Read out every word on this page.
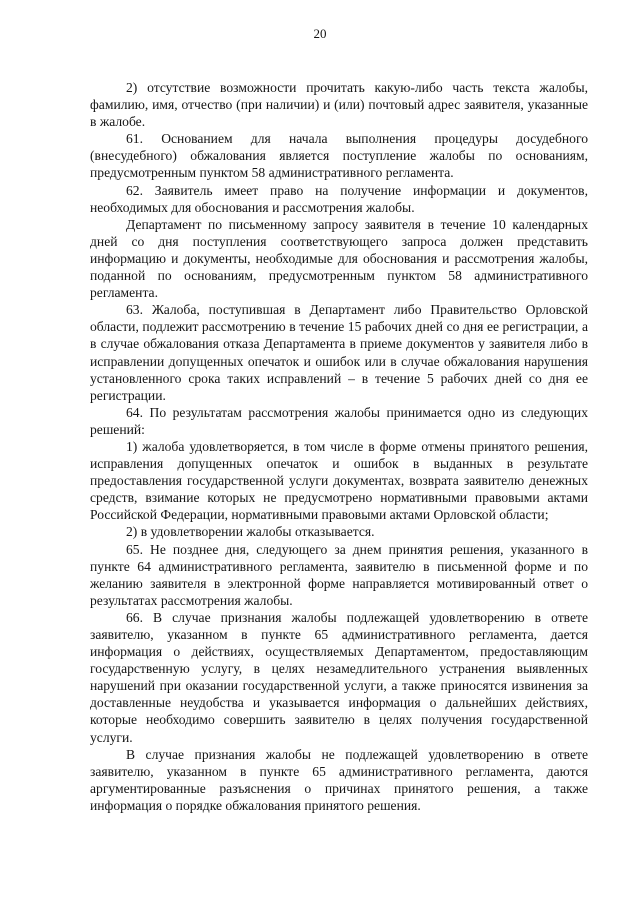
20

2) отсутствие возможности прочитать какую-либо часть текста жалобы, фамилию, имя, отчество (при наличии) и (или) почтовый адрес заявителя, указанные в жалобе.

61. Основанием для начала выполнения процедуры досудебного (внесудебного) обжалования является поступление жалобы по основаниям, предусмотренным пунктом 58 административного регламента.

62. Заявитель имеет право на получение информации и документов, необходимых для обоснования и рассмотрения жалобы.

Департамент по письменному запросу заявителя в течение 10 календарных дней со дня поступления соответствующего запроса должен представить информацию и документы, необходимые для обоснования и рассмотрения жалобы, поданной по основаниям, предусмотренным пунктом 58 административного регламента.

63. Жалоба, поступившая в Департамент либо Правительство Орловской области, подлежит рассмотрению в течение 15 рабочих дней со дня ее регистрации, а в случае обжалования отказа Департамента в приеме документов у заявителя либо в исправлении допущенных опечаток и ошибок или в случае обжалования нарушения установленного срока таких исправлений – в течение 5 рабочих дней со дня ее регистрации.

64. По результатам рассмотрения жалобы принимается одно из следующих решений:

1) жалоба удовлетворяется, в том числе в форме отмены принятого решения, исправления допущенных опечаток и ошибок в выданных в результате предоставления государственной услуги документах, возврата заявителю денежных средств, взимание которых не предусмотрено нормативными правовыми актами Российской Федерации, нормативными правовыми актами Орловской области;

2) в удовлетворении жалобы отказывается.

65. Не позднее дня, следующего за днем принятия решения, указанного в пункте 64 административного регламента, заявителю в письменной форме и по желанию заявителя в электронной форме направляется мотивированный ответ о результатах рассмотрения жалобы.

66. В случае признания жалобы подлежащей удовлетворению в ответе заявителю, указанном в пункте 65 административного регламента, дается информация о действиях, осуществляемых Департаментом, предоставляющим государственную услугу, в целях незамедлительного устранения выявленных нарушений при оказании государственной услуги, а также приносятся извинения за доставленные неудобства и указывается информация о дальнейших действиях, которые необходимо совершить заявителю в целях получения государственной услуги.

В случае признания жалобы не подлежащей удовлетворению в ответе заявителю, указанном в пункте 65 административного регламента, даются аргументированные разъяснения о причинах принятого решения, а также информация о порядке обжалования принятого решения.
